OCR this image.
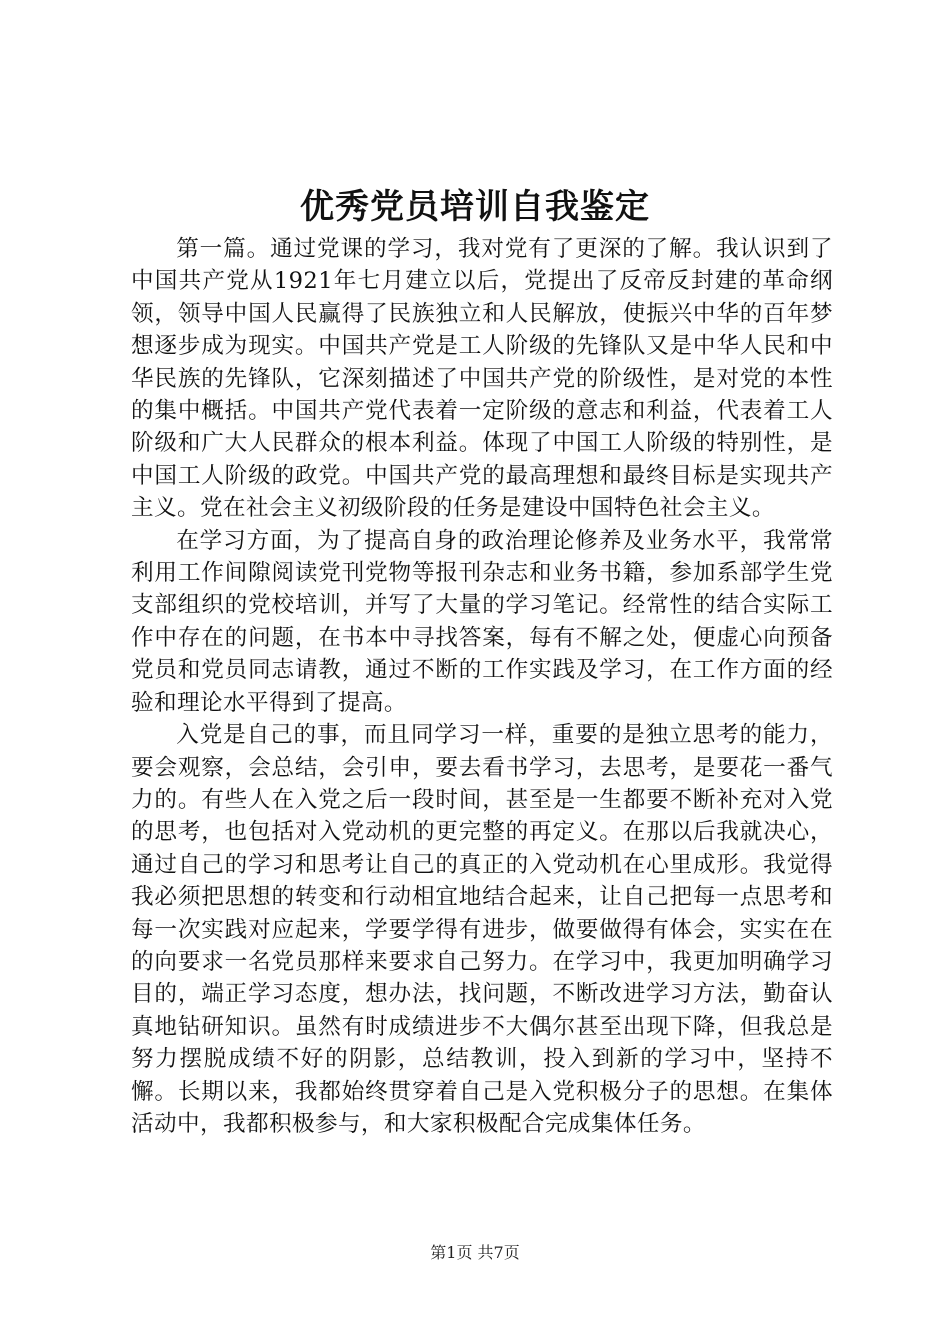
优秀党员培训自我鉴定

第一篇。通过党课的学习，我对党有了更深的了解。我认识到了中国共产党从1921年七月建立以后，党提出了反帝反封建的革命纲领，领导中国人民赢得了民族独立和人民解放，使振兴中华的百年梦想逐步成为现实。中国共产党是工人阶级的先锋队又是中华人民和中华民族的先锋队，它深刻描述了中国共产党的阶级性，是对党的本性的集中概括。中国共产党代表着一定阶级的意志和利益，代表着工人阶级和广大人民群众的根本利益。体现了中国工人阶级的特别性，是中国工人阶级的政党。中国共产党的最高理想和最终目标是实现共产主义。党在社会主义初级阶段的任务是建设中国特色社会主义。

在学习方面，为了提高自身的政治理论修养及业务水平，我常常利用工作间隙阅读党刊党物等报刊杂志和业务书籍，参加系部学生党支部组织的党校培训，并写了大量的学习笔记。经常性的结合实际工作中存在的问题，在书本中寻找答案，每有不解之处，便虚心向预备党员和党员同志请教，通过不断的工作实践及学习，在工作方面的经验和理论水平得到了提高。

入党是自己的事，而且同学习一样，重要的是独立思考的能力，要会观察，会总结，会引申，要去看书学习，去思考，是要花一番气力的。有些人在入党之后一段时间，甚至是一生都要不断补充对入党的思考，也包括对入党动机的更完整的再定义。在那以后我就决心，通过自己的学习和思考让自己的真正的入党动机在心里成形。我觉得我必须把思想的转变和行动相宜地结合起来，让自己把每一点思考和每一次实践对应起来，学要学得有进步，做要做得有体会，实实在在的向要求一名党员那样来要求自己努力。在学习中，我更加明确学习目的，端正学习态度，想办法，找问题，不断改进学习方法，勤奋认真地钻研知识。虽然有时成绩进步不大偶尔甚至出现下降，但我总是努力摆脱成绩不好的阴影，总结教训，投入到新的学习中，坚持不懈。长期以来，我都始终贯穿着自己是入党积极分子的思想。在集体活动中，我都积极参与，和大家积极配合完成集体任务。

第1页 共7页
